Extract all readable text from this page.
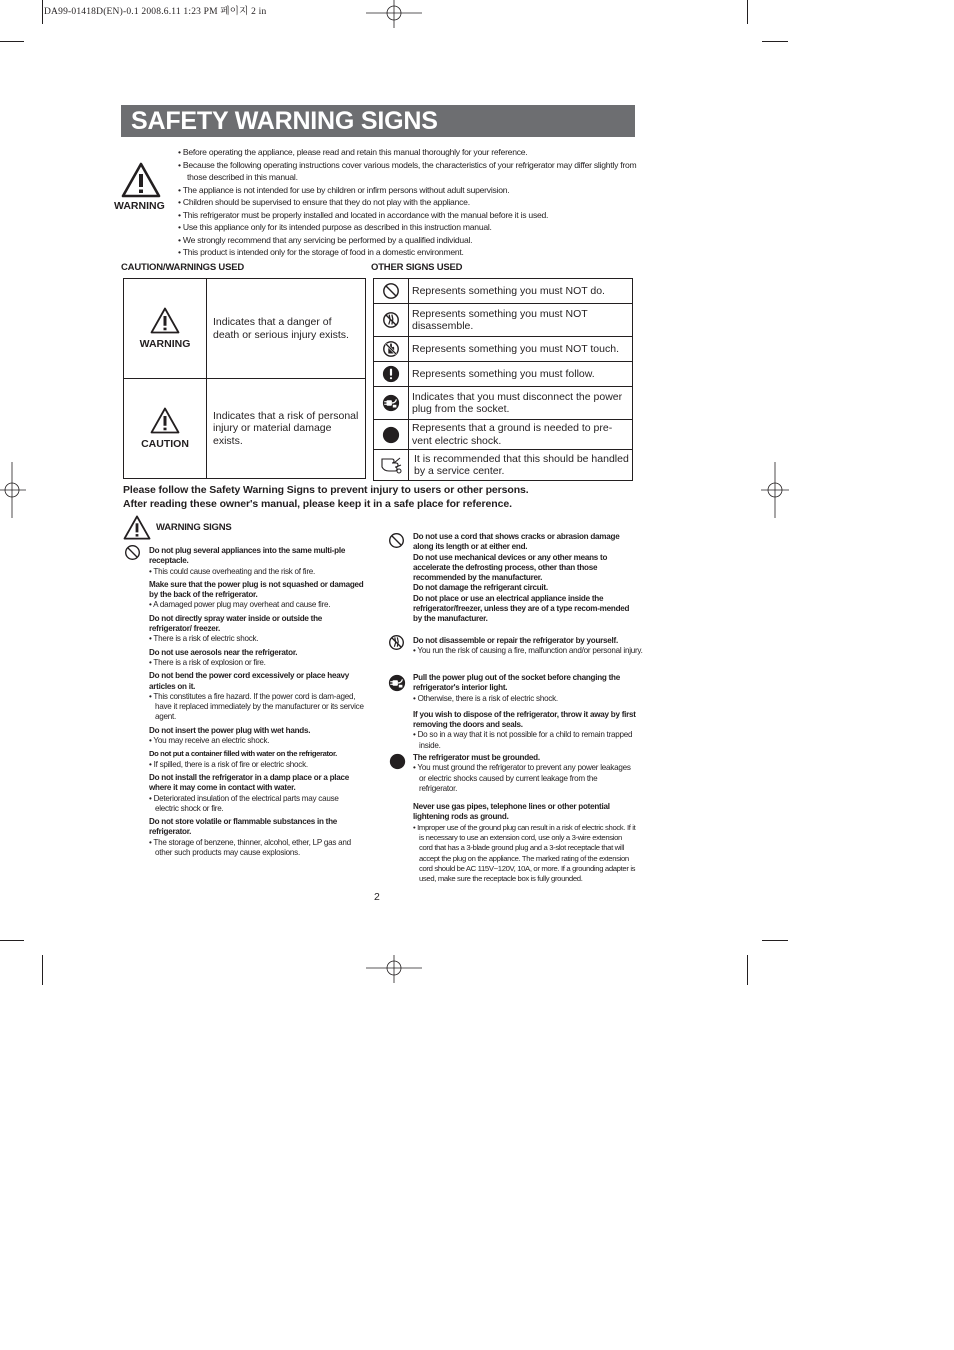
DA99-01418D(EN)-0.1 2008.6.11 1:23 PM 페이지 2 in
SAFETY WARNING SIGNS
WARNING
• Before operating the appliance, please read and retain this manual thoroughly for your reference.
• Because the following operating instructions cover various models, the characteristics of your refrigerator may differ slightly from those described in this manual.
• The appliance is not intended for use by children or infirm persons without adult supervision.
• Children should be supervised to ensure that they do not play with the appliance.
• This refrigerator must be properly installed and located in accordance with the manual before it is used.
• Use this appliance only for its intended purpose as described in this instruction manual.
• We strongly recommend that any servicing be performed by a qualified individual.
• This product is intended only for the storage of food in a domestic environment.
CAUTION/WARNINGS USED	OTHER SIGNS USED
WARNING	Indicates that a danger of death or serious injury exists.

CAUTION	Indicates that a risk of personal injury or material damage exists.
	Represents something you must NOT do.

	Represents something you must NOT disassemble.

	Represents something you must NOT touch.

	Represents something you must follow.

	Indicates that you must disconnect the power plug from the socket.

	Represents that a ground is needed to pre-vent electric shock.

	It is recommended that this should be handled by a service center.
Please follow the Safety Warning Signs to prevent injury to users or other persons.
After reading these owner's manual, please keep it in a safe place for reference.
WARNING SIGNS

Do not plug several appliances into the same multi-ple receptacle.

• This could cause overheating and the risk of fire.

Make sure that the power plug is not squashed or damaged by the back of the refrigerator.

• A damaged power plug may overheat and cause fire.

Do not directly spray water inside or outside the refrigerator/ freezer.

• There is a risk of electric shock.

Do not use aerosols near the refrigerator.

• There is a risk of explosion or fire.

Do not bend the power cord excessively or place heavy articles on it.

• This constitutes a fire hazard. If the power cord is dam-aged, have it replaced immediately by the manufacturer or its service agent.

Do not insert the power plug with wet hands.

• You may receive an electric shock.

Do not put a container filled with water on the refrigerator.

• If spilled, there is a risk of fire or electric shock.

Do not install the refrigerator in a damp place or a place where it may come in contact with water.

• Deteriorated insulation of the electrical parts may cause electric shock or fire.

Do not store volatile or flammable substances in the refrigerator.

• The storage of benzene, thinner, alcohol, ether, LP gas and other such products may cause explosions.

Do not use a cord that shows cracks or abrasion damage along its length or at either end.

Do not use mechanical devices or any other means to accelerate the defrosting process, other than those recommended by the manufacturer.

Do not damage the refrigerant circuit.

Do not place or use an electrical appliance inside the refrigerator/freezer, unless they are of a type recom-mended by the manufacturer.

Do not disassemble or repair the refrigerator by yourself.

• You run the risk of causing a fire, malfunction and/or personal injury.

Pull the power plug out of the socket before changing the refrigerator's interior light.

• Otherwise, there is a risk of electric shock.

If you wish to dispose of the refrigerator, throw it away by first removing the doors and seals.

• Do so in a way that it is not possible for a child to remain trapped inside.

The refrigerator must be grounded.

• You must ground the refrigerator to prevent any power leakages or electric shocks caused by current leakage from the refrigerator.

Never use gas pipes, telephone lines or other potential lightening rods as ground.

• Improper use of the ground plug can result in a risk of electric shock. If it is necessary to use an extension cord, use only a 3-wire extension cord that has a 3-blade ground plug and a 3-slot receptacle that will accept the plug on the appliance. The marked rating of the extension cord should be AC 115V~120V, 10A, or more. If a grounding adapter is used, make sure the receptacle box is fully grounded.

2
